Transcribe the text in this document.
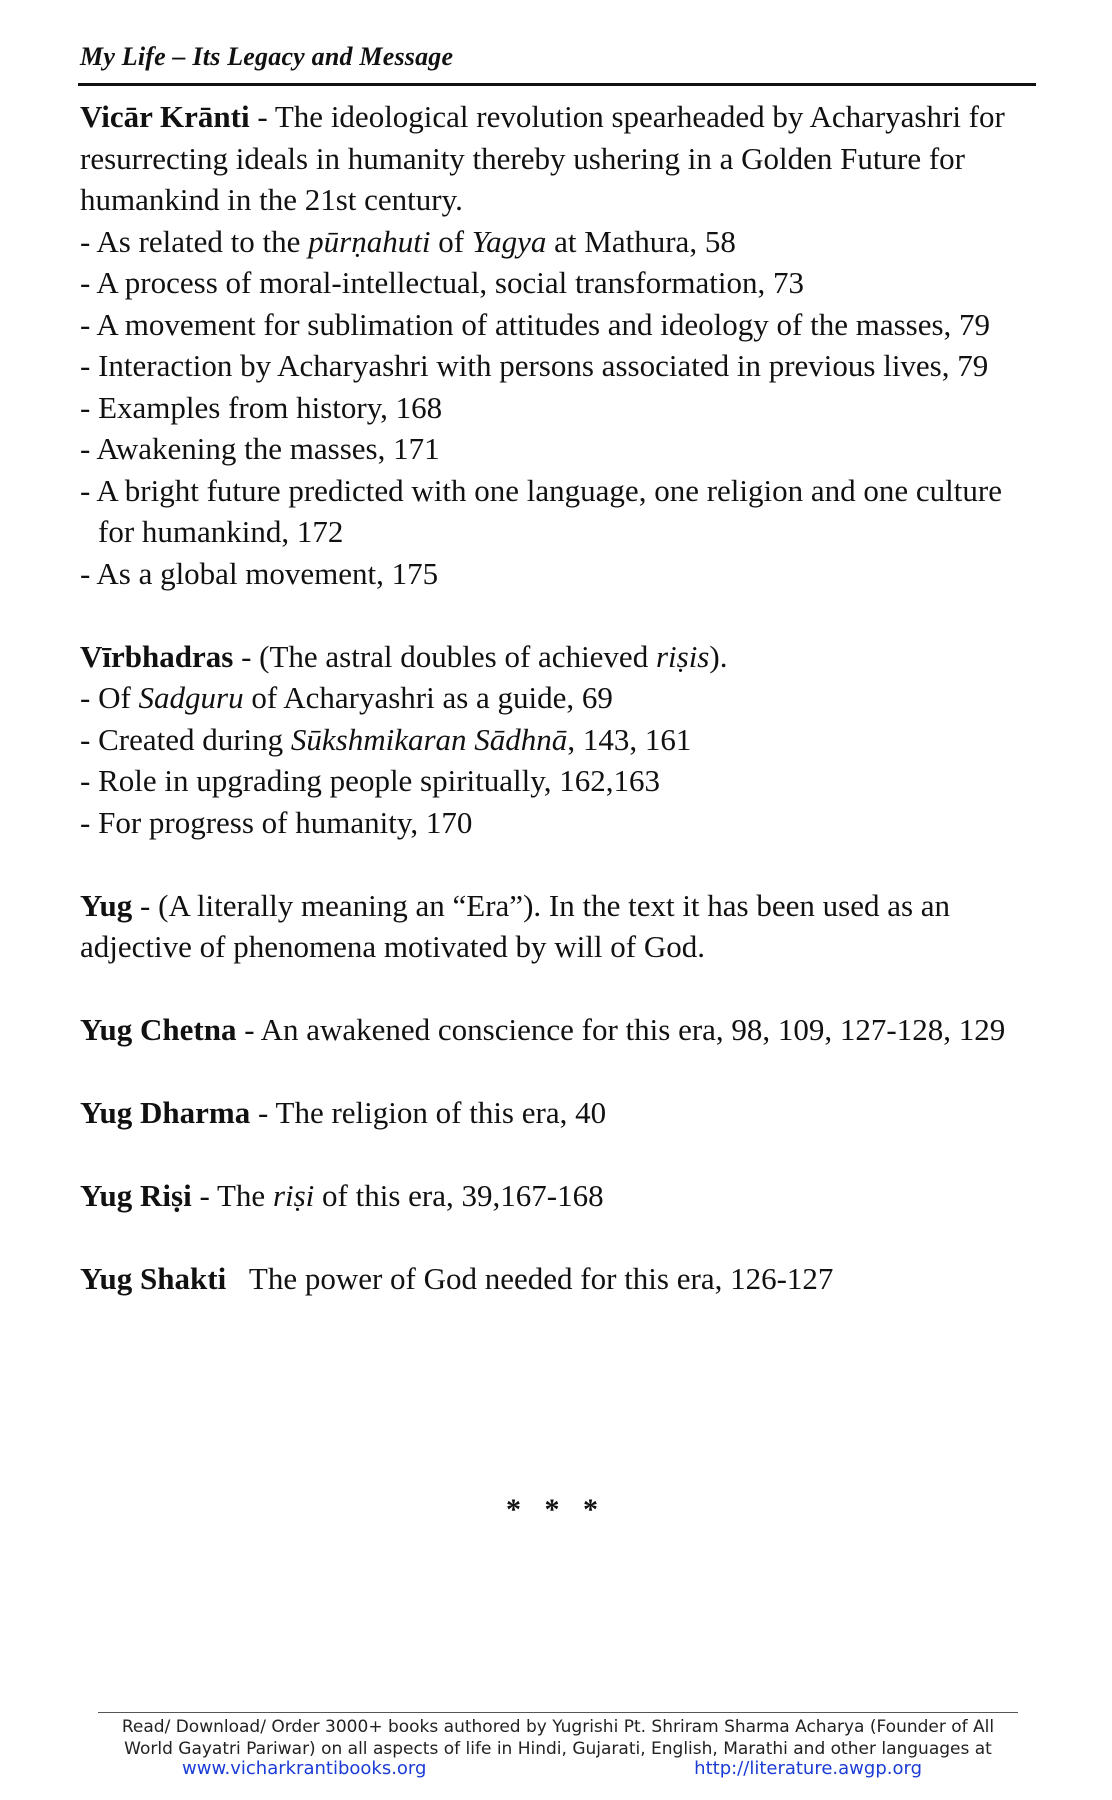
My Life – Its Legacy and Message

Vicār Krānti - The ideological revolution spearheaded by Acharyashri for resurrecting ideals in humanity thereby ushering in a Golden Future for humankind in the 21st century.

- As related to the pūrṇahuti of Yagya at Mathura, 58

- A process of moral-intellectual, social transformation, 73

- A movement for sublimation of attitudes and ideology of the masses, 79

- Interaction by Acharyashri with persons associated in previous lives, 79

- Examples from history, 168

- Awakening the masses, 171

- A bright future predicted with one language, one religion and one culture for humankind, 172

- As a global movement, 175

Vīrbhadras - (The astral doubles of achieved riṣis).

- Of Sadguru of Acharyashri as a guide, 69

- Created during Sūkshmikaran Sādhnā, 143, 161

- Role in upgrading people spiritually, 162,163

- For progress of humanity, 170

Yug - (A literally meaning an “Era”). In the text it has been used as an adjective of phenomena motivated by will of God.

Yug Chetna - An awakened conscience for this era, 98, 109, 127-128, 129

Yug Dharma - The religion of this era, 40

Yug Riṣi - The riṣi of this era, 39,167-168

Yug Shakti   The power of God needed for this era, 126-127

* * *
Read/ Download/ Order 3000+ books authored by Yugrishi Pt. Shriram Sharma Acharya (Founder of All World Gayatri Pariwar) on all aspects of life in Hindi, Gujarati, English, Marathi and other languages at
www.vicharkrantibooks.org	http://literature.awgp.org
